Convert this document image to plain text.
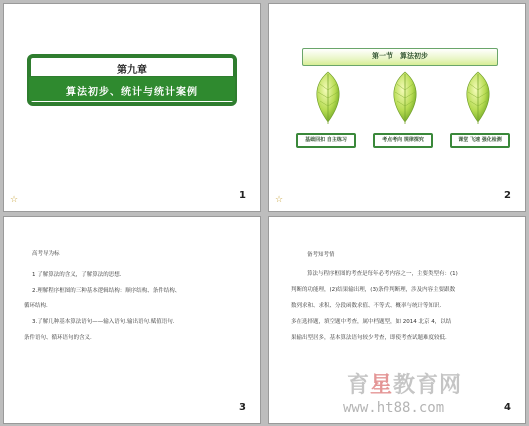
第九章
算法初步、统计与统计案例
☆	1
第一节　算法初步
基础回扣 自主练习	考点考向 规律探究	课堂 飞速 强化检测
☆	2
高考导为标
1 了解算法的含义，了解算法的思想.
2.理解程序框图的三种基本逻辑结构：顺序结构、条件结构、
循环结构.
3.了解几种基本算法语句——输入语句.输出语句.赋值语句.
条件语句、循环语句的含义.
3
备考知考情
算法与程序框图的考查是每年必考内容之一，主要类型有：(1)
判断的功能理，(2)结果输出理，(3)条件判断理，涉及内容主要跟数
数列求和、求积、分段函数求值、不等式、概率与统计等知识.
多在选择题，填空题中考查，属中档题型，如 2014 北京 4，以结
果输出型居多，基本算法语句较少考查，即使考查试题难度较低.
4
育星教育网
www.ht88.com
